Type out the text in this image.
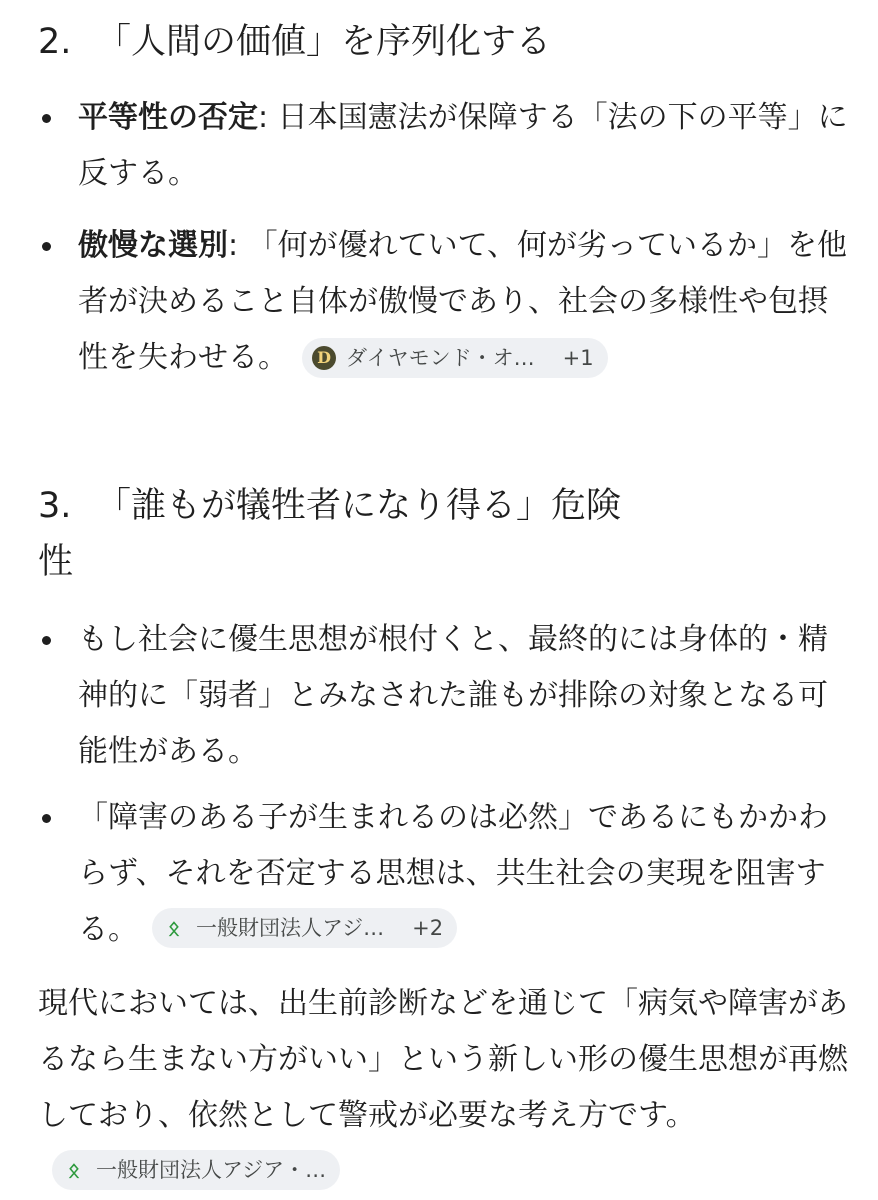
2. 「人間の価値」を序列化する

平等性の否定: 日本国憲法が保障する「法の下の平等」に反する。

傲慢な選別: 「何が優れていて、何が劣っているか」を他者が決めること自体が傲慢であり、社会の多様性や包摂性を失わせる。	D ダイヤモンド・オ… +1

3. 「誰もが犠牲者になり得る」危険
性

もし社会に優生思想が根付くと、最終的には身体的・精神的に「弱者」とみなされた誰もが排除の対象となる可能性がある。

「障害のある子が生まれるのは必然」であるにもかかわらず、それを否定する思想は、共生社会の実現を阻害する。	ᛟ 一般財団法人アジ… +2

現代においては、出生前診断などを通じて「病気や障害があるなら生まない方がいい」という新しい形の優生思想が再燃しており、依然として警戒が必要な考え方です。
ᛟ 一般財団法人アジア・…
